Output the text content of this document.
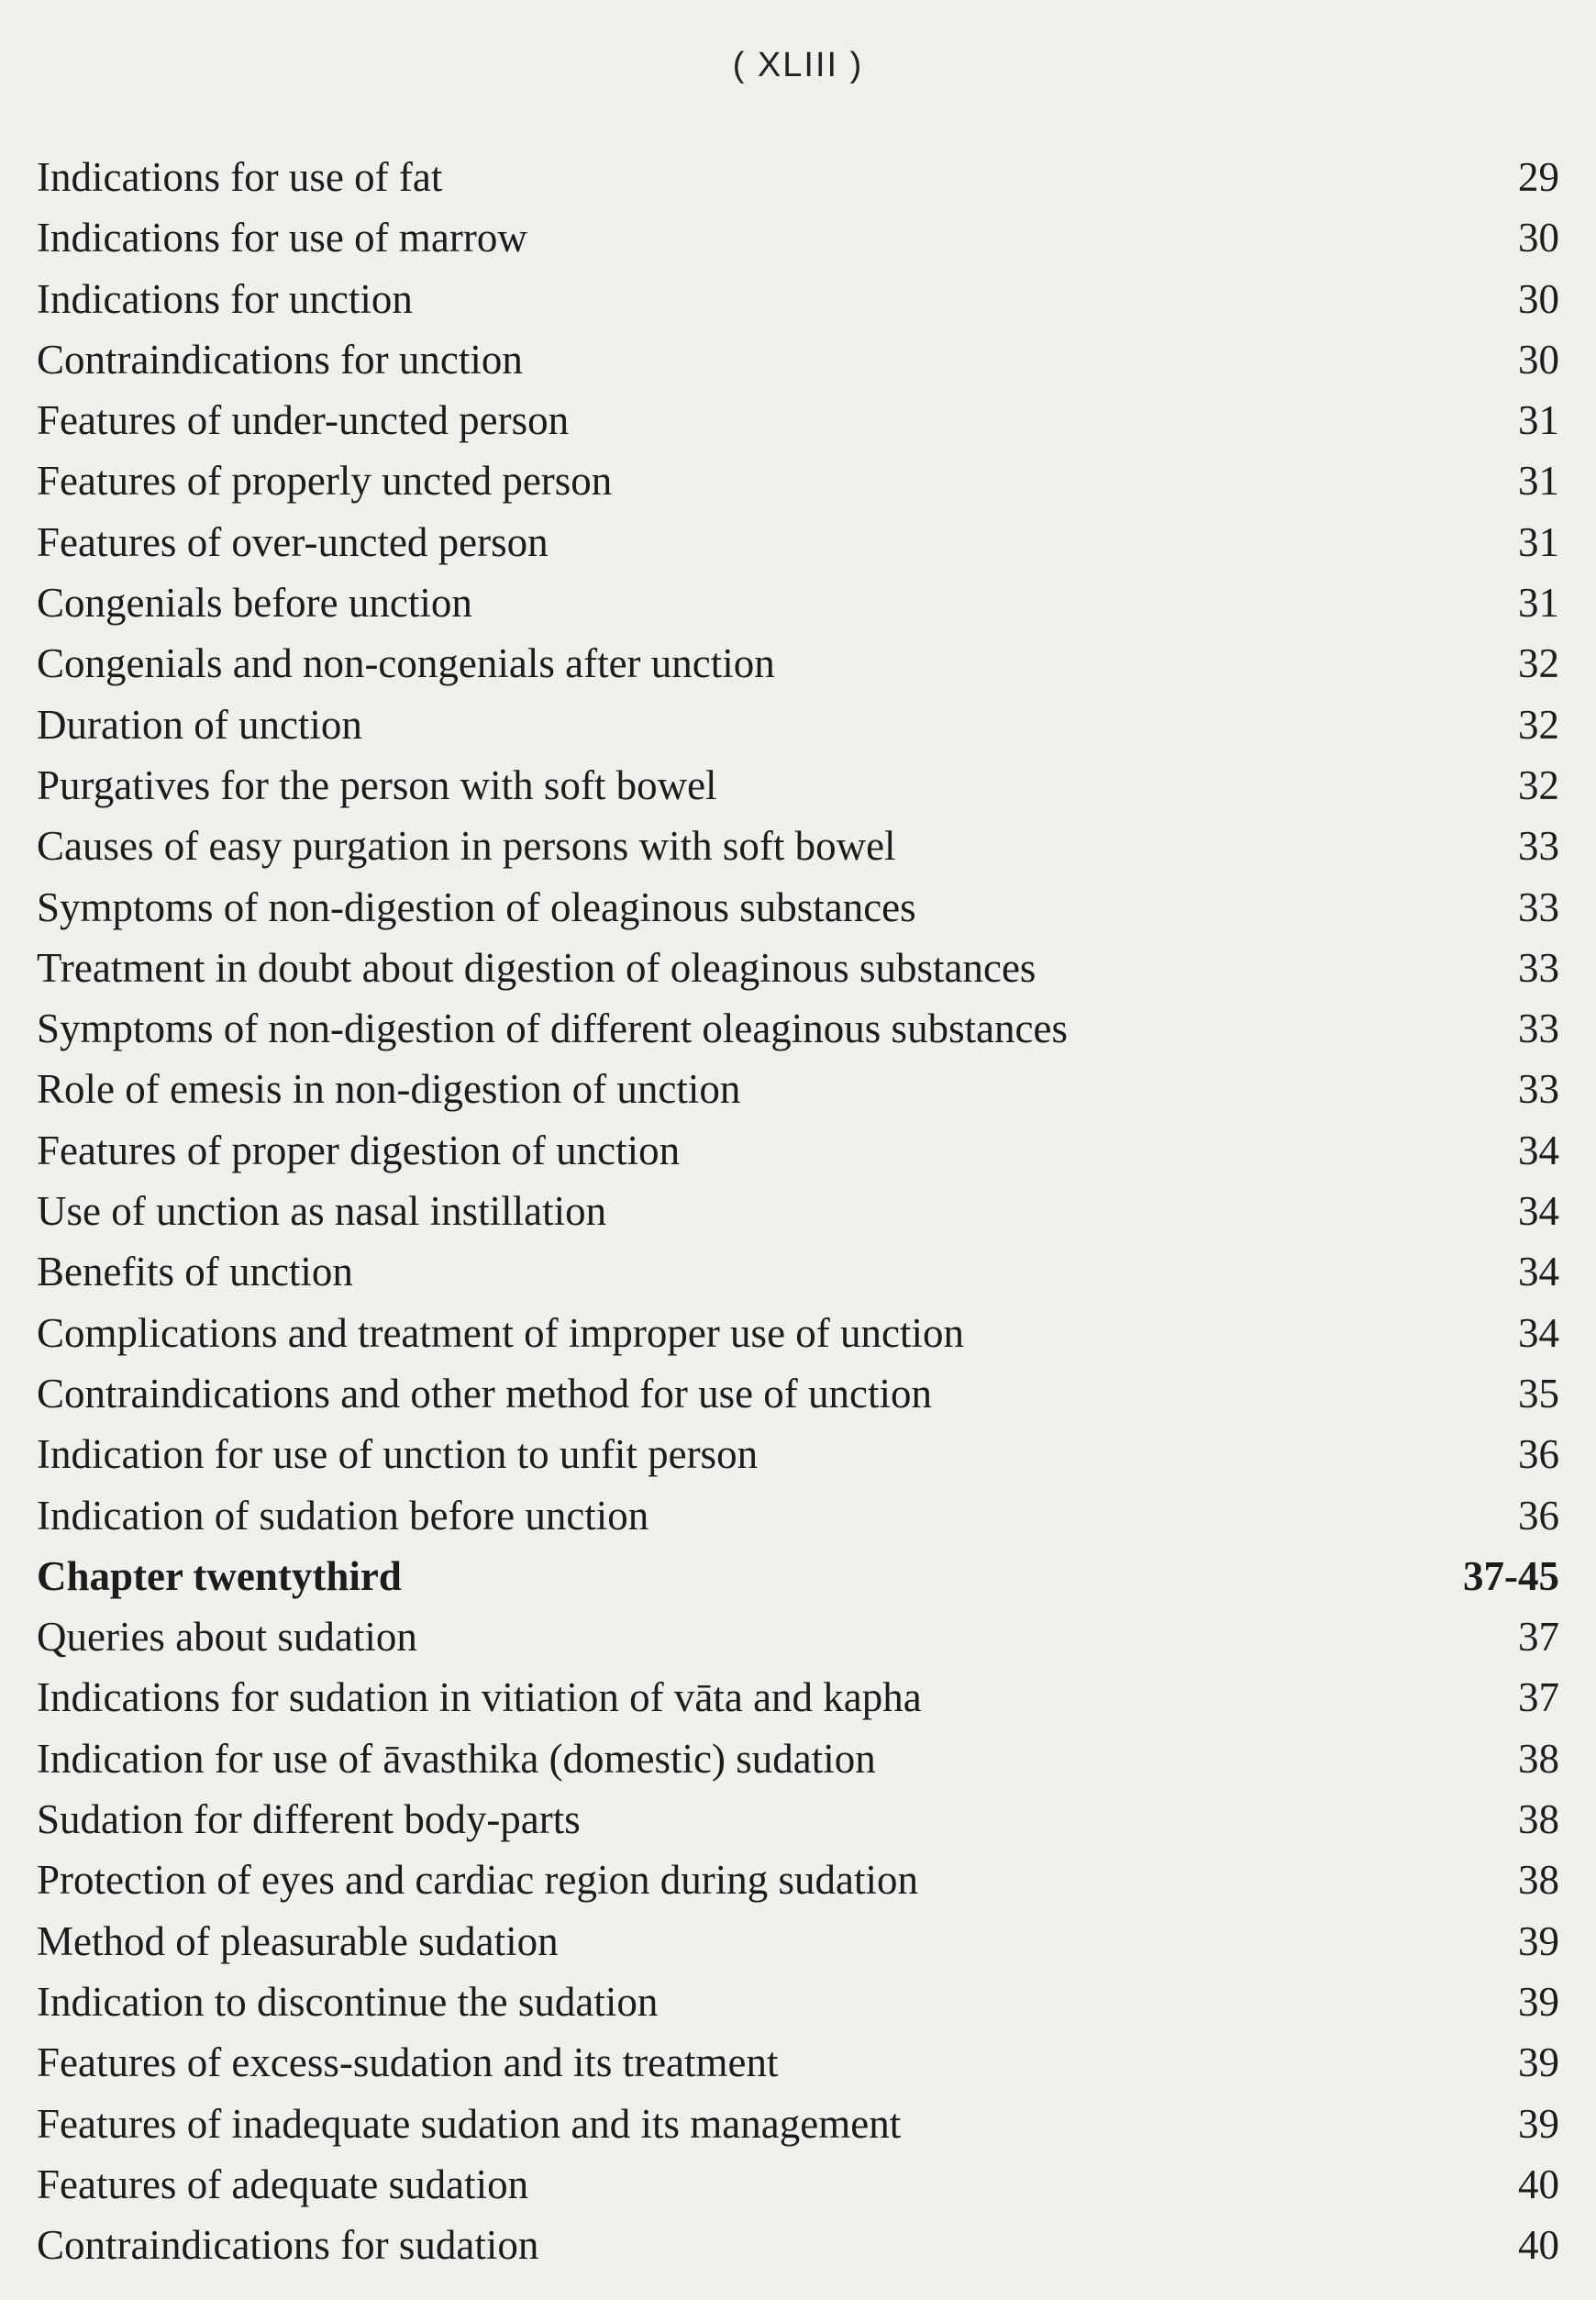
( XLIII )
Indications for use of fat	29
Indications for use of marrow	30
Indications for unction	30
Contraindications for unction	30
Features of under-uncted person	31
Features of properly uncted person	31
Features of over-uncted person	31
Congenials before unction	31
Congenials and non-congenials after unction	32
Duration of unction	32
Purgatives for the person with soft bowel	32
Causes of easy purgation in persons with soft bowel	33
Symptoms of non-digestion of oleaginous substances	33
Treatment in doubt about digestion of oleaginous substances	33
Symptoms of non-digestion of different oleaginous substances	33
Role of emesis in non-digestion of unction	33
Features of proper digestion of unction	34
Use of unction as nasal instillation	34
Benefits of unction	34
Complications and treatment of improper use of unction	34
Contraindications and other method for use of unction	35
Indication for use of unction to unfit person	36
Indication of sudation before unction	36
Chapter twentythird	37-45
Queries about sudation	37
Indications for sudation in vitiation of vāta and kapha	37
Indication for use of āvasthika (domestic) sudation	38
Sudation for different body-parts	38
Protection of eyes and cardiac region during sudation	38
Method of pleasurable sudation	39
Indication to discontinue the sudation	39
Features of excess-sudation and its treatment	39
Features of inadequate sudation and its management	39
Features of adequate sudation	40
Contraindications for sudation	40
